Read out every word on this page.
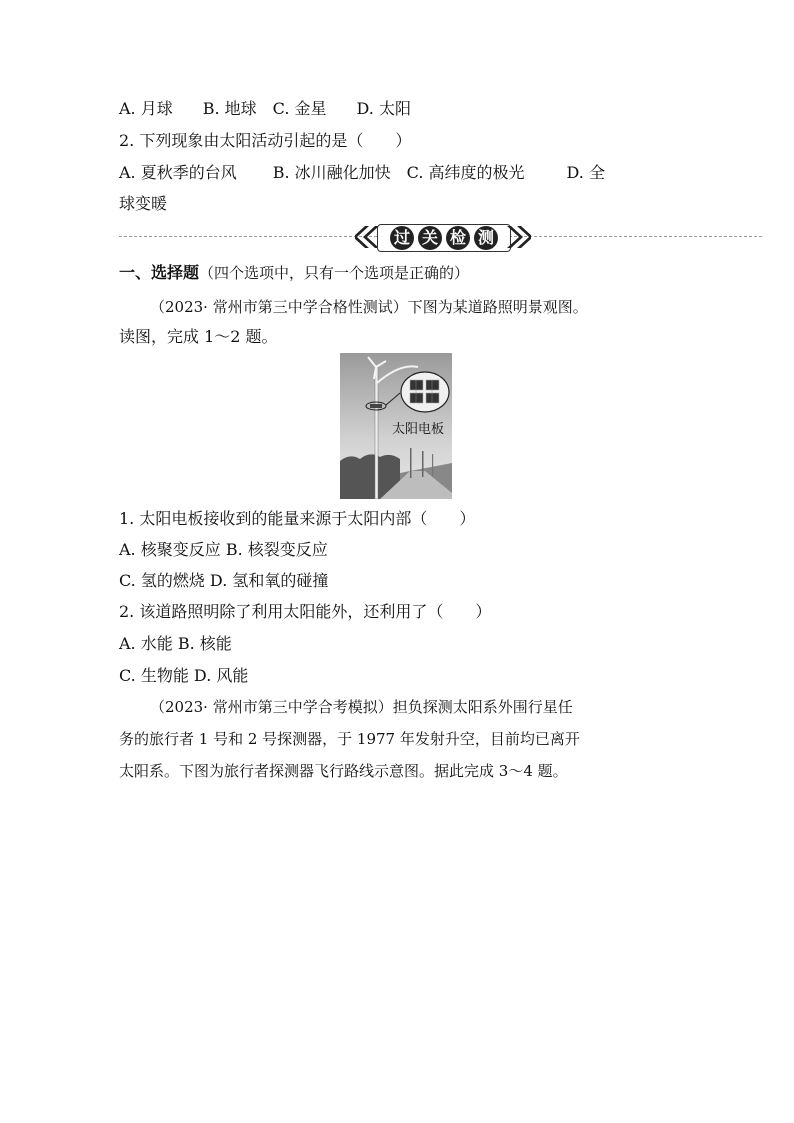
A. 月球 B. 地球 C. 金星 D. 太阳
2. 下列现象由太阳活动引起的是（　　）
A. 夏秋季的台风 B. 冰川融化加快 C. 高纬度的极光	D. 全
球变暖
过 关 检 测
一、选择题（四个选项中，只有一个选项是正确的）
（2023· 常州市第三中学合格性测试）下图为某道路照明景观图。
读图，完成 1～2 题。
太阳电板
1. 太阳电板接收到的能量来源于太阳内部（　　）
A. 核聚变反应 B. 核裂变反应
C. 氢的燃烧 D. 氢和氧的碰撞
2. 该道路照明除了利用太阳能外，还利用了（　　）
A. 水能 B. 核能
C. 生物能 D. 风能
（2023· 常州市第三中学合考模拟）担负探测太阳系外围行星任
务的旅行者 1 号和 2 号探测器，于 1977 年发射升空，目前均已离开
太阳系。下图为旅行者探测器飞行路线示意图。据此完成 3～4 题。
